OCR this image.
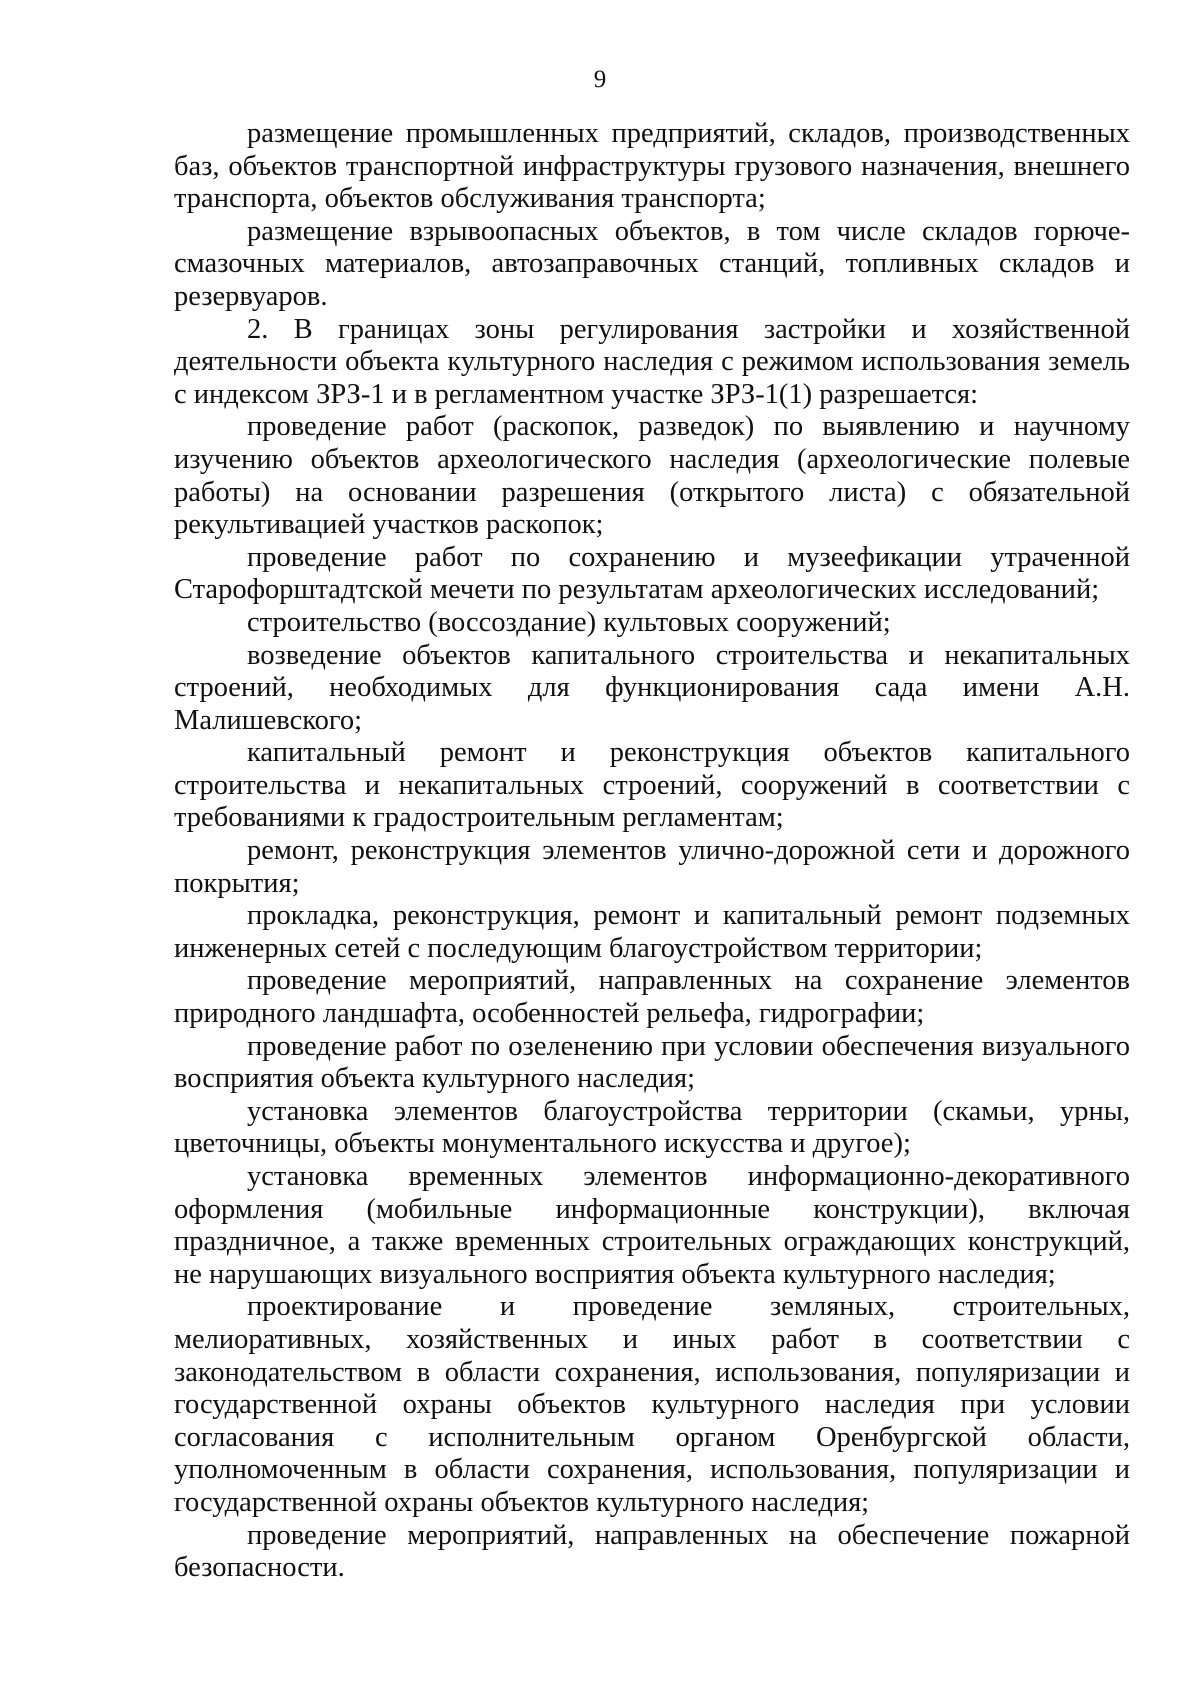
9

размещение промышленных предприятий, складов, производственных баз, объектов транспортной инфраструктуры грузового назначения, внешнего транспорта, объектов обслуживания транспорта;

размещение взрывоопасных объектов, в том числе складов горюче-смазочных материалов, автозаправочных станций, топливных складов и резервуаров.

2. В границах зоны регулирования застройки и хозяйственной деятельности объекта культурного наследия с режимом использования земель с индексом ЗРЗ-1 и в регламентном участке ЗРЗ-1(1) разрешается:

проведение работ (раскопок, разведок) по выявлению и научному изучению объектов археологического наследия (археологические полевые работы) на основании разрешения (открытого листа) с обязательной рекультивацией участков раскопок;

проведение работ по сохранению и музеефикации утраченной Старофорштадтской мечети по результатам археологических исследований;

строительство (воссоздание) культовых сооружений;

возведение объектов капитального строительства и некапитальных строений, необходимых для функционирования сада имени А.Н. Малишевского;

капитальный ремонт и реконструкция объектов капитального строительства и некапитальных строений, сооружений в соответствии с требованиями к градостроительным регламентам;

ремонт, реконструкция элементов улично-дорожной сети и дорожного покрытия;

прокладка, реконструкция, ремонт и капитальный ремонт подземных инженерных сетей с последующим благоустройством территории;

проведение мероприятий, направленных на сохранение элементов природного ландшафта, особенностей рельефа, гидрографии;

проведение работ по озеленению при условии обеспечения визуального восприятия объекта культурного наследия;

установка элементов благоустройства территории (скамьи, урны, цветочницы, объекты монументального искусства и другое);

установка временных элементов информационно-декоративного оформления (мобильные информационные конструкции), включая праздничное, а также временных строительных ограждающих конструкций, не нарушающих визуального восприятия объекта культурного наследия;

проектирование и проведение земляных, строительных, мелиоративных, хозяйственных и иных работ в соответствии с законодательством в области сохранения, использования, популяризации и государственной охраны объектов культурного наследия при условии согласования с исполнительным органом Оренбургской области, уполномоченным в области сохранения, использования, популяризации и государственной охраны объектов культурного наследия;

проведение мероприятий, направленных на обеспечение пожарной безопасности.
